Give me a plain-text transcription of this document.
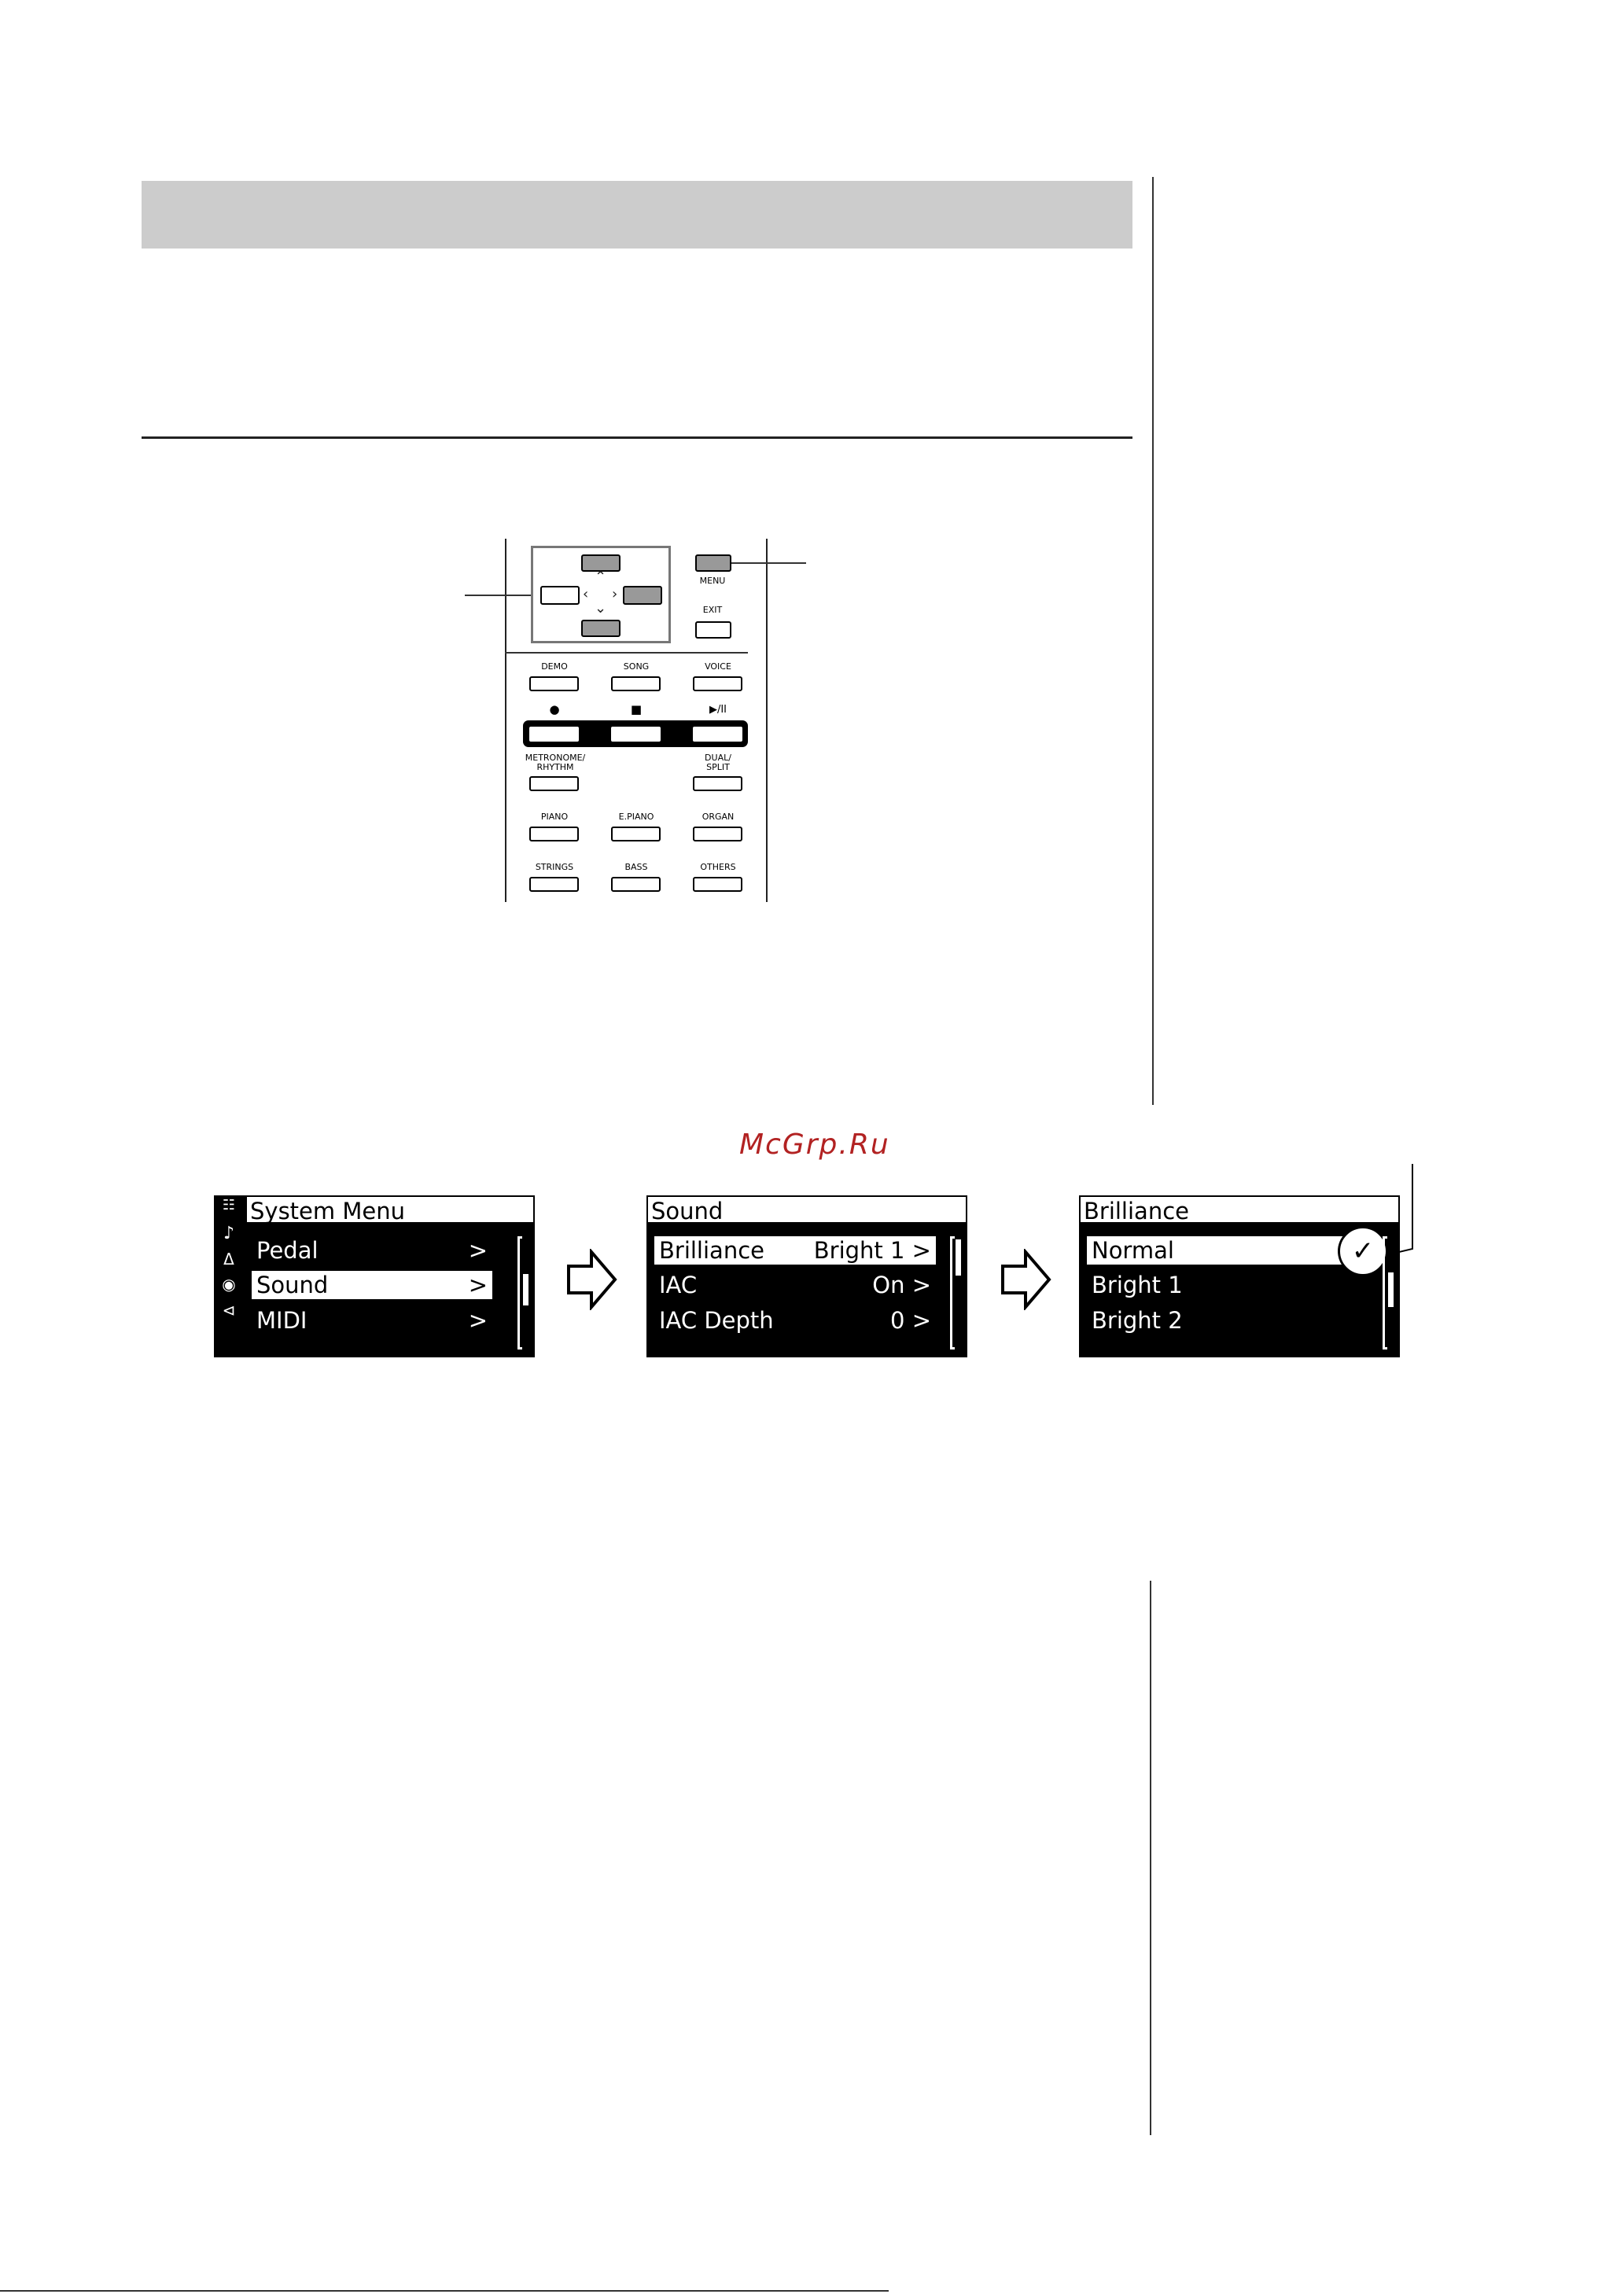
⌃
⌄
‹ ›
MENU
EXIT
DEMO	SONG	VOICE
●	■	▶/II
METRONOME/
RHYTHM
DUAL/
SPLIT
PIANO	E.PIANO	ORGAN
STRINGS	BASS	OTHERS
McGrp.Ru
System Menu
☷
♪
Δ
◉
⊲
Pedal	>
Sound	>
MIDI	>
Sound
Brilliance Bright 1 >
IAC	On >
IAC Depth	0 >
Brilliance
Normal
Bright 1
Bright 2
✓
